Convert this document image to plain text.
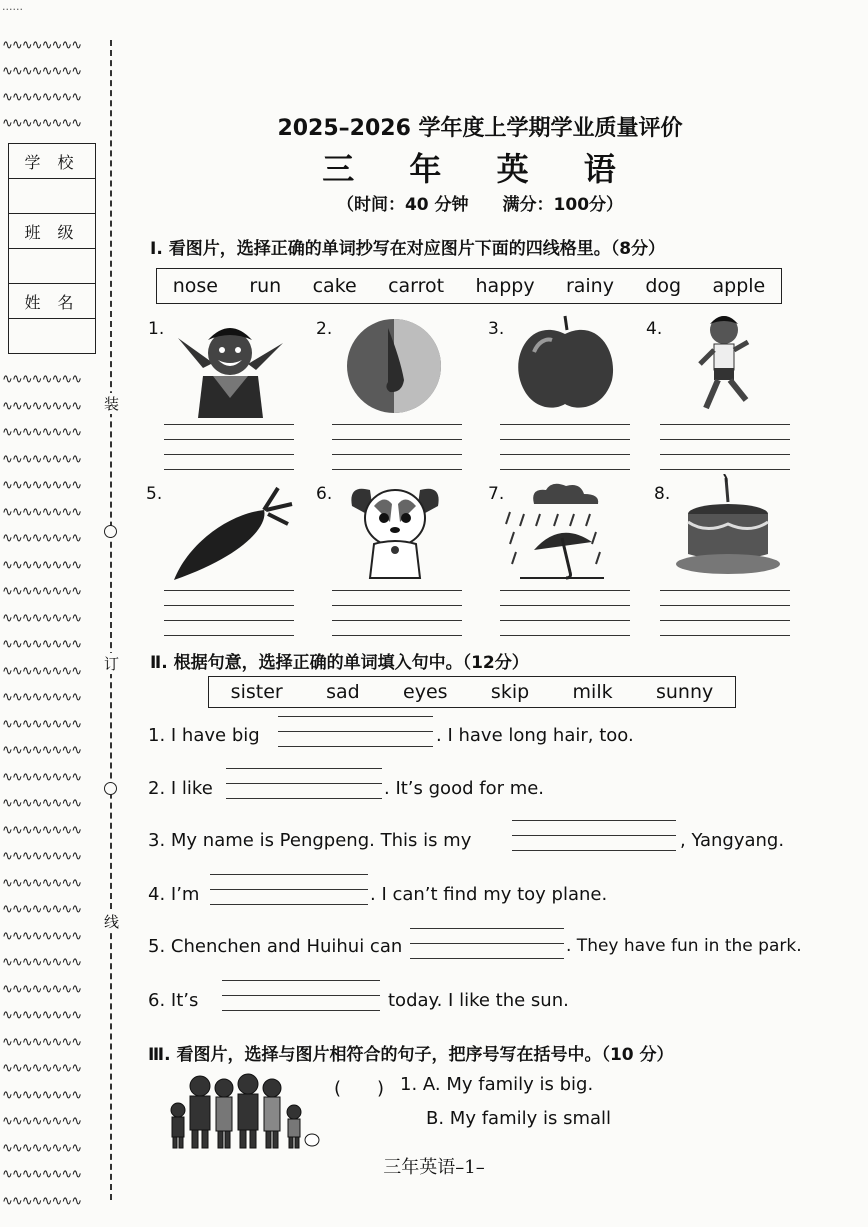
......
∿∿∿∿∿∿∿∿
∿∿∿∿∿∿∿∿
∿∿∿∿∿∿∿∿
∿∿∿∿∿∿∿∿
∿∿∿∿∿∿∿∿
∿∿∿∿∿∿∿∿
∿∿∿∿∿∿∿∿
∿∿∿∿∿∿∿∿
∿∿∿∿∿∿∿∿
∿∿∿∿∿∿∿∿
∿∿∿∿∿∿∿∿
∿∿∿∿∿∿∿∿
∿∿∿∿∿∿∿∿
∿∿∿∿∿∿∿∿
∿∿∿∿∿∿∿∿
∿∿∿∿∿∿∿∿
∿∿∿∿∿∿∿∿
∿∿∿∿∿∿∿∿
∿∿∿∿∿∿∿∿
∿∿∿∿∿∿∿∿
∿∿∿∿∿∿∿∿
∿∿∿∿∿∿∿∿
∿∿∿∿∿∿∿∿
∿∿∿∿∿∿∿∿
∿∿∿∿∿∿∿∿
∿∿∿∿∿∿∿∿
∿∿∿∿∿∿∿∿
∿∿∿∿∿∿∿∿
∿∿∿∿∿∿∿∿
∿∿∿∿∿∿∿∿
∿∿∿∿∿∿∿∿
∿∿∿∿∿∿∿∿
∿∿∿∿∿∿∿∿
∿∿∿∿∿∿∿∿
∿∿∿∿∿∿∿∿
∿∿∿∿∿∿∿∿
装
订
线
学 校
班 级
姓 名
2025–2026 学年度上学期学业质量评价
三 年 英 语
（时间：40 分钟　　满分：100分）
Ⅰ. 看图片，选择正确的单词抄写在对应图片下面的四线格里。（8分）
nose run cake carrot happy rainy dog apple
1.	2.	3.	4.
5.	6.	7.	8.
Ⅱ. 根据句意，选择正确的单词填入句中。（12分）
sister sad eyes skip milk sunny
1. I have big	. I have long hair, too.
2. I like	. It’s good for me.
3. My name is Pengpeng. This is my	, Yangyang.
4. I’m	. I can’t find my toy plane.
5. Chenchen and Huihui can	. They have fun in the park.
6. It’s	today. I like the sun.
Ⅲ. 看图片，选择与图片相符合的句子，把序号写在括号中。（10 分）
(　　) 1. A. My family is big.
B. My family is small
三年英语–1–
